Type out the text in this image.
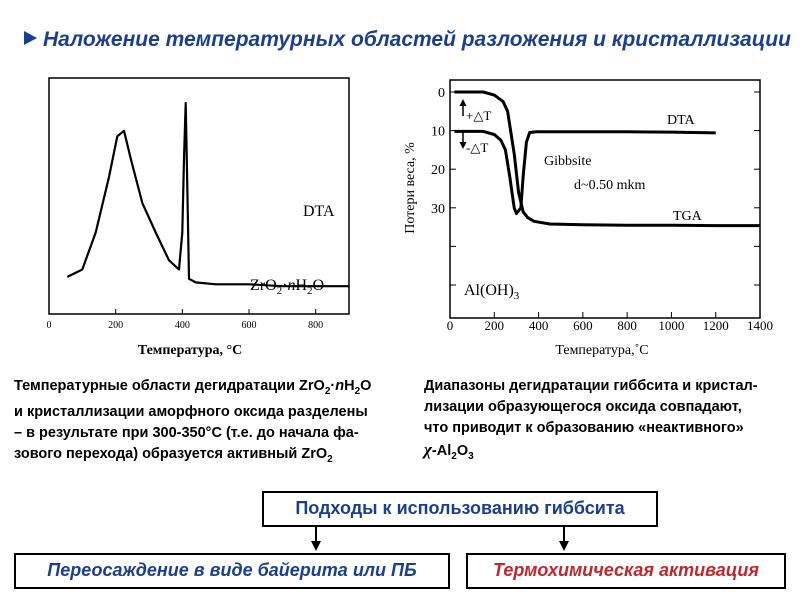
Наложение температурных областей разложения и кристаллизации
0	200	400	600	800
DTA
$ZrO_2\cdot nH_2O$
Температура, °C
0 200 400 600 800 1000 1200 1400
0
10
20
30
+△T
-△T
DTA
Gibbsite
d~0.50 mkm
TGA
$Al(OH)_3$
Потери веса, %
Температура,˚C
Температурные области дегидратации $ZrO_2\cdot nH_2O$
и кристаллизации аморфного оксида разделены
– в результате при 300-350°С (т.е. до начала фа-
зового перехода) образуется активный ZrO$_2$
Диапазоны дегидратации гиббсита и кристал-
лизации образующегося оксида совпадают,
что приводит к образованию «неактивного»
$\chi-Al_2O_3$
Подходы к использованию гиббсита
Переосаждение в виде байерита или ПБ	Термохимическая активация
